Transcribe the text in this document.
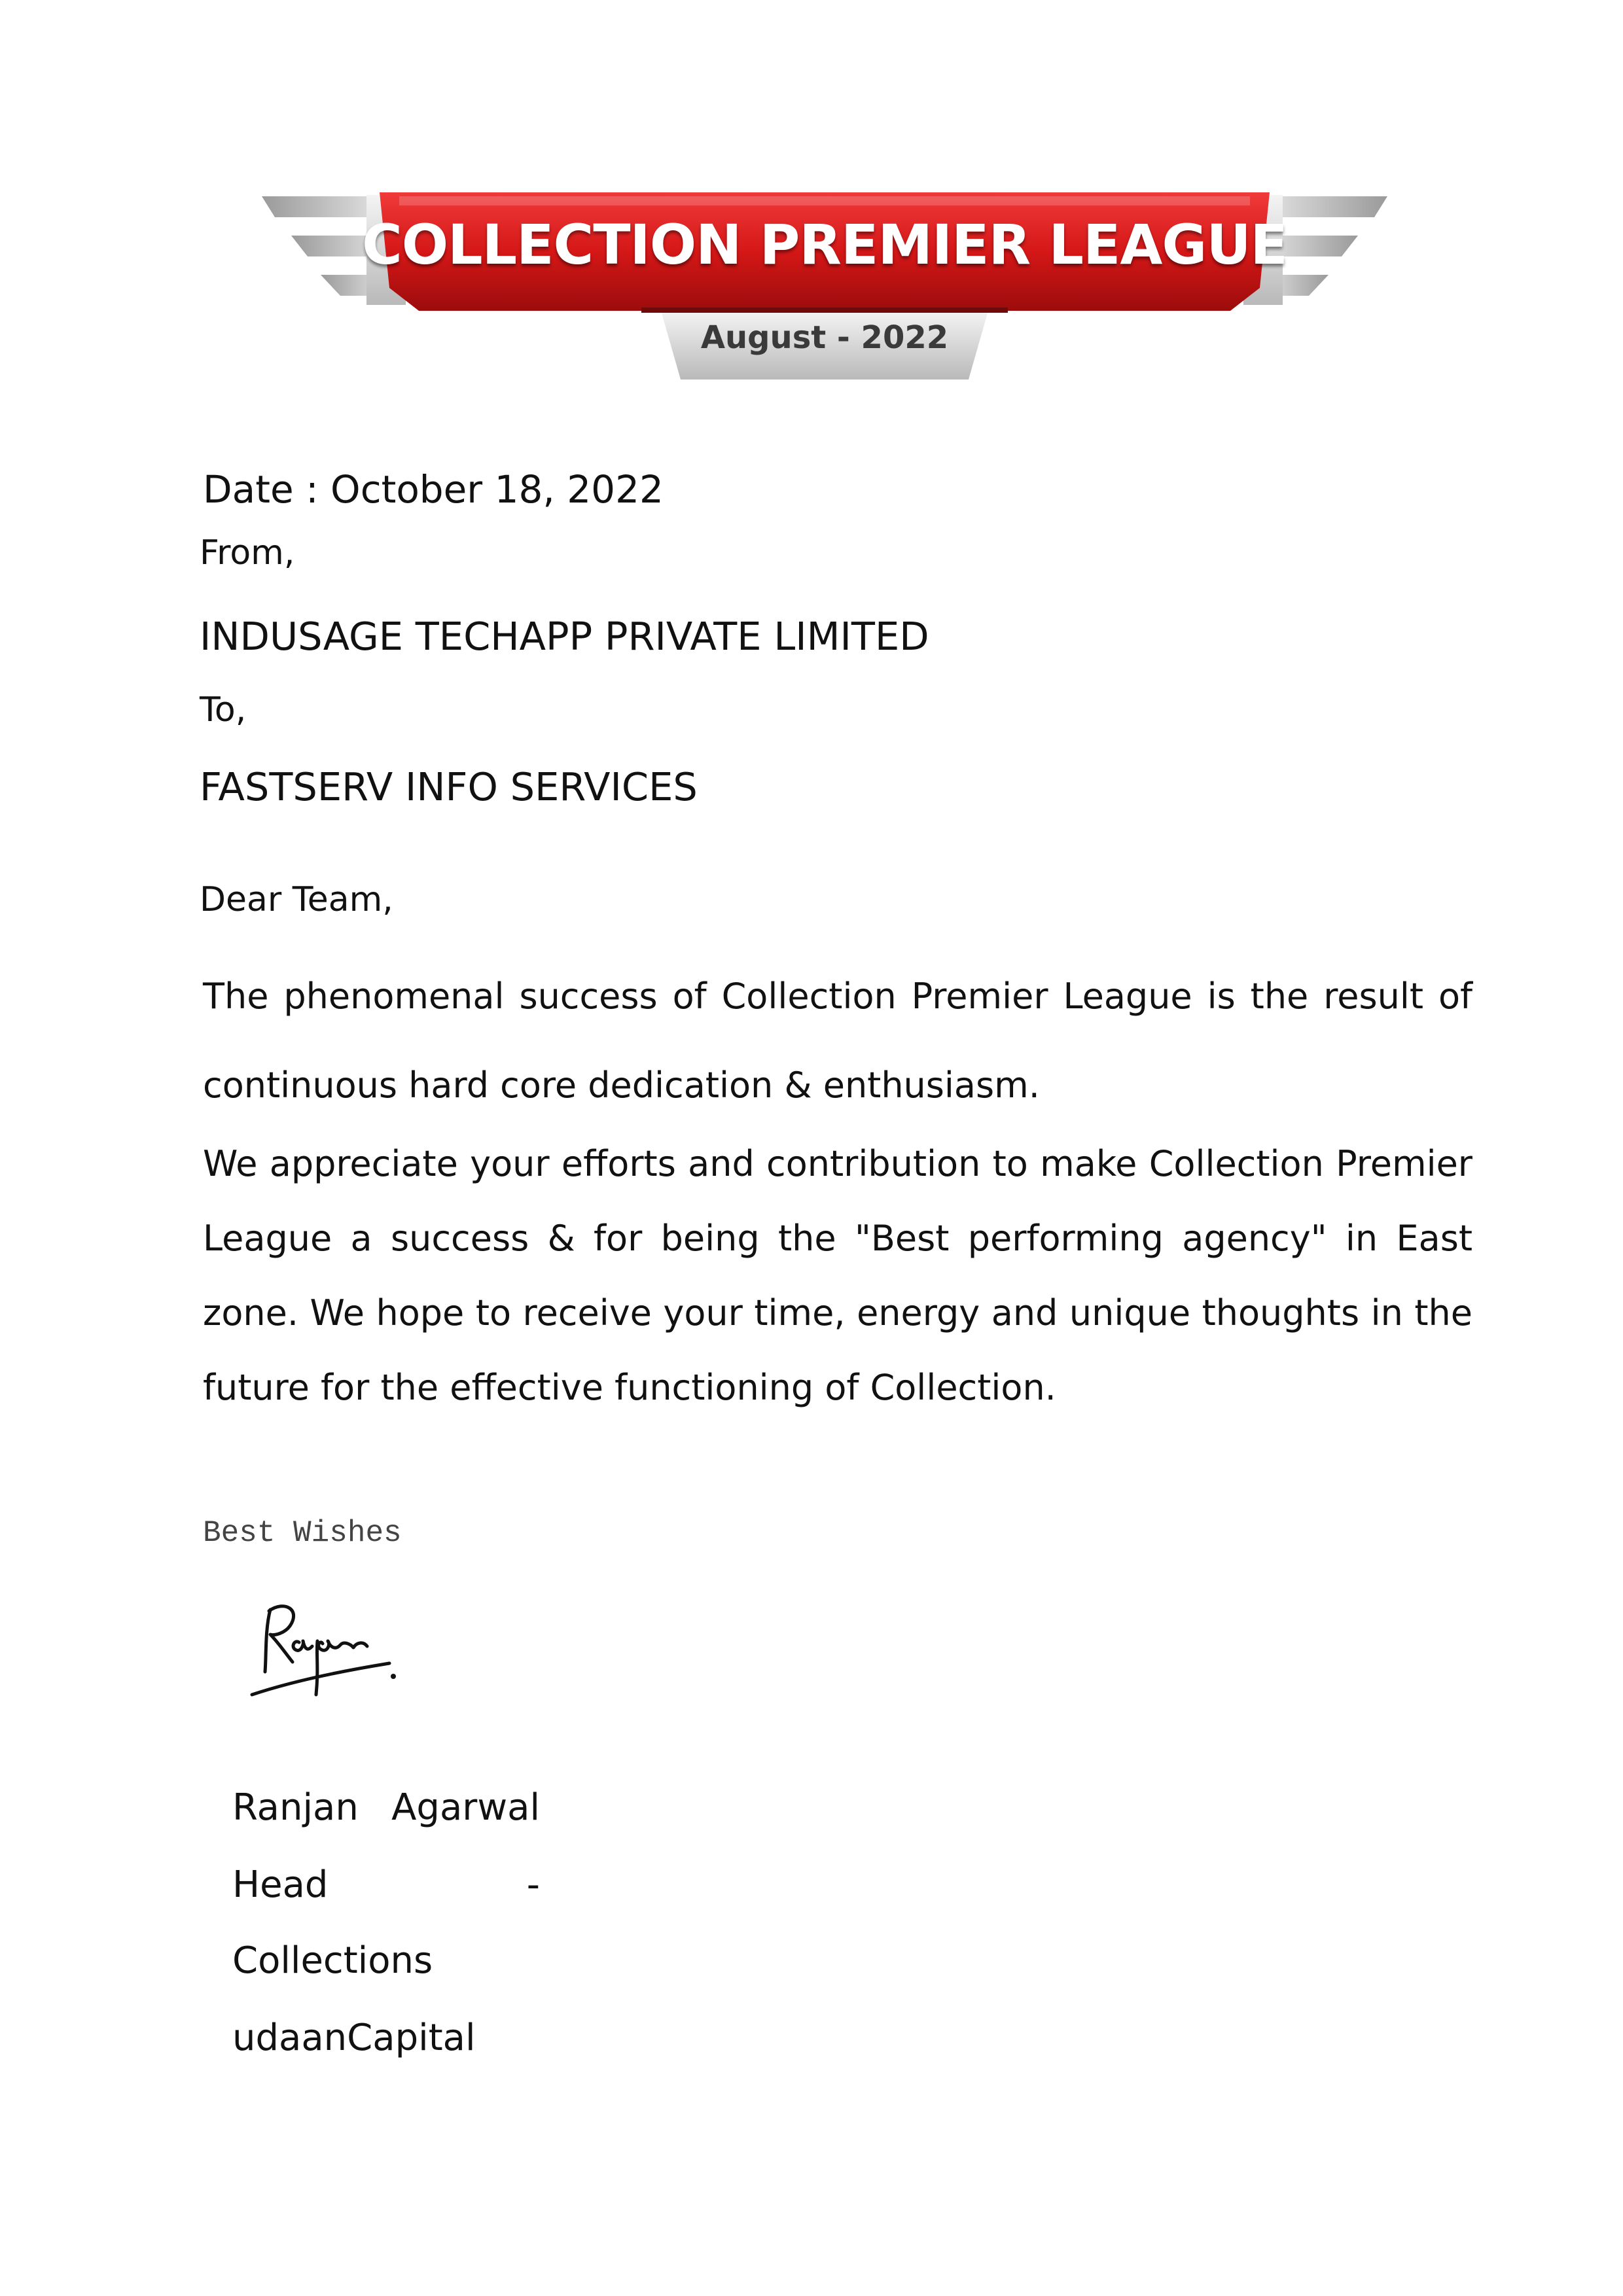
COLLECTION PREMIER LEAGUE
August - 2022

Date : October 18, 2022

From,

INDUSAGE TECHAPP PRIVATE LIMITED

To,

FASTSERV INFO SERVICES

Dear Team,

The phenomenal success of Collection Premier League is the result of continuous hard core dedication & enthusiasm.

We appreciate your efforts and contribution to make Collection Premier League a success & for being the "Best performing agency" in East zone. We hope to receive your time, energy and unique thoughts in the future for the effective functioning of Collection.

Best Wishes

Ranjan Agarwal
Head	-

Collections

udaanCapital
